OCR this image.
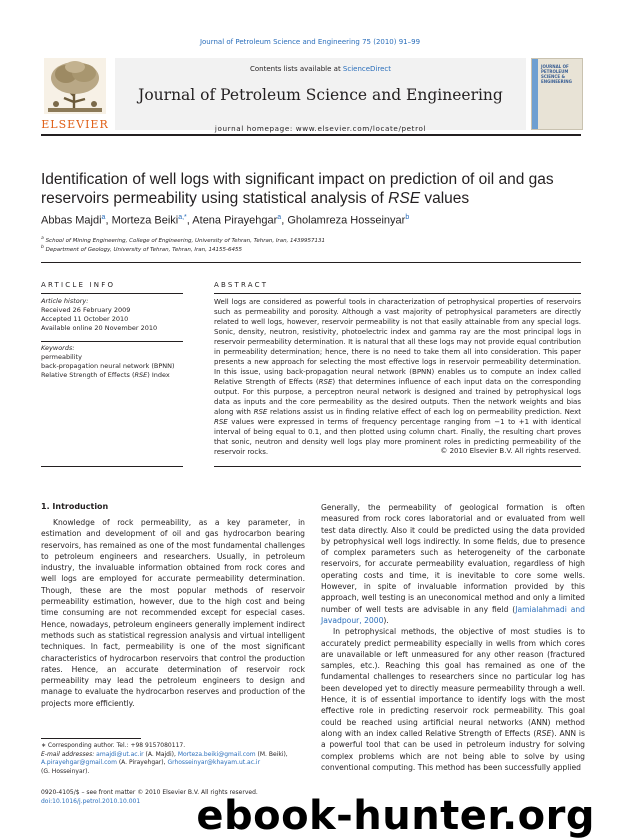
Journal of Petroleum Science and Engineering 75 (2010) 91–99
ELSEVIER
Contents lists available at ScienceDirect
Journal of Petroleum Science and Engineering
journal homepage: www.elsevier.com/locate/petrol
JOURNAL OF PETROLEUM SCIENCE & ENGINEERING
Identification of well logs with significant impact on prediction of oil and gas reservoirs permeability using statistical analysis of RSE values
Abbas Majdi$^a$, Morteza Beiki$^{a,*}$, Atena Pirayehgar$^a$, Gholamreza Hosseinyar$^b$
$^a$ School of Mining Engineering, College of Engineering, University of Tehran, Tehran, Iran, 1439957131
$^b$ Department of Geology, University of Tehran, Tehran, Iran, 14155-6455
ARTICLE INFO
Article history:
Received 26 February 2009
Accepted 11 October 2010
Available online 20 November 2010
Keywords:
permeability
back-propagation neural network (BPNN)
Relative Strength of Effects (RSE) Index
ABSTRACT
Well logs are considered as powerful tools in characterization of petrophysical properties of reservoirs such as permeability and porosity. Although a vast majority of petrophysical parameters are directly related to well logs, however, reservoir permeability is not that easily attainable from any special logs. Sonic, density, neutron, resistivity, photoelectric index and gamma ray are the most principal logs in reservoir permeability determination. It is natural that all these logs may not provide equal contribution in permeability determination; hence, there is no need to take them all into consideration. This paper presents a new approach for selecting the most effective logs in reservoir permeability determination. In this issue, using back-propagation neural network (BPNN) enables us to compute an index called Relative Strength of Effects (RSE) that determines influence of each input data on the corresponding output. For this purpose, a perceptron neural network is designed and trained by petrophysical logs data as inputs and the core permeability as the desired outputs. Then the network weights and bias along with RSE relations assist us in finding relative effect of each log on permeability prediction. Next RSE values were expressed in terms of frequency percentage ranging from −1 to +1 with identical interval of being equal to 0.1, and then plotted using column chart. Finally, the resulting chart proves that sonic, neutron and density well logs play more prominent roles in predicting permeability of the reservoir rocks.	© 2010 Elsevier B.V. All rights reserved.
1. Introduction

Knowledge of rock permeability, as a key parameter, in estimation and development of oil and gas hydrocarbon bearing reservoirs, has remained as one of the most fundamental challenges to petroleum engineers and researchers. Usually, in petroleum industry, the invaluable information obtained from rock cores and well logs are employed for accurate permeability determination. Though, these are the most popular methods of reservoir permeability estimation, however, due to the high cost and being time consuming are not recommended except for especial cases. Hence, nowadays, petroleum engineers generally implement indirect methods such as statistical regression analysis and virtual intelligent techniques. In fact, permeability is one of the most significant characteristics of hydrocarbon reservoirs that control the production rates. Hence, an accurate determination of reservoir rock permeability may lead the petroleum engineers to design and manage to evaluate the hydrocarbon reserves and production of the projects more efficiently.

Generally, the permeability of geological formation is often measured from rock cores laboratorial and or evaluated from well test data directly. Also it could be predicted using the data provided by petrophysical well logs indirectly. In some fields, due to presence of complex parameters such as heterogeneity of the carbonate reservoirs, for accurate permeability evaluation, regardless of high operating costs and time, it is inevitable to core some wells. However, in spite of invaluable information provided by this approach, well testing is an uneconomical method and only a limited number of well tests are advisable in any field (Jamialahmadi and Javadpour, 2000).

In petrophysical methods, the objective of most studies is to accurately predict permeability especially in wells from which cores are unavailable or left unmeasured for any other reason (fractured samples, etc.). Reaching this goal has remained as one of the fundamental challenges to researchers since no particular log has been developed yet to directly measure permeability through a well. Hence, it is of essential importance to identify logs with the most effective role in predicting reservoir rock permeability. This goal could be reached using artificial neural networks (ANN) method along with an index called Relative Strength of Effects (RSE). ANN is a powerful tool that can be used in petroleum industry for solving complex problems which are not being able to solve by using conventional computing. This method has been successfully applied

∗ Corresponding author. Tel.: +98 9157080117.
E-mail addresses: amajdi@ut.ac.ir (A. Majdi), Morteza.beiki@gmail.com (M. Beiki),
A.pirayehgar@gmail.com (A. Pirayehgar), Grhosseinyar@khayam.ut.ac.ir
(G. Hosseinyar).
0920-4105/$ – see front matter © 2010 Elsevier B.V. All rights reserved.
doi:10.1016/j.petrol.2010.10.001	ebook-hunter.org
